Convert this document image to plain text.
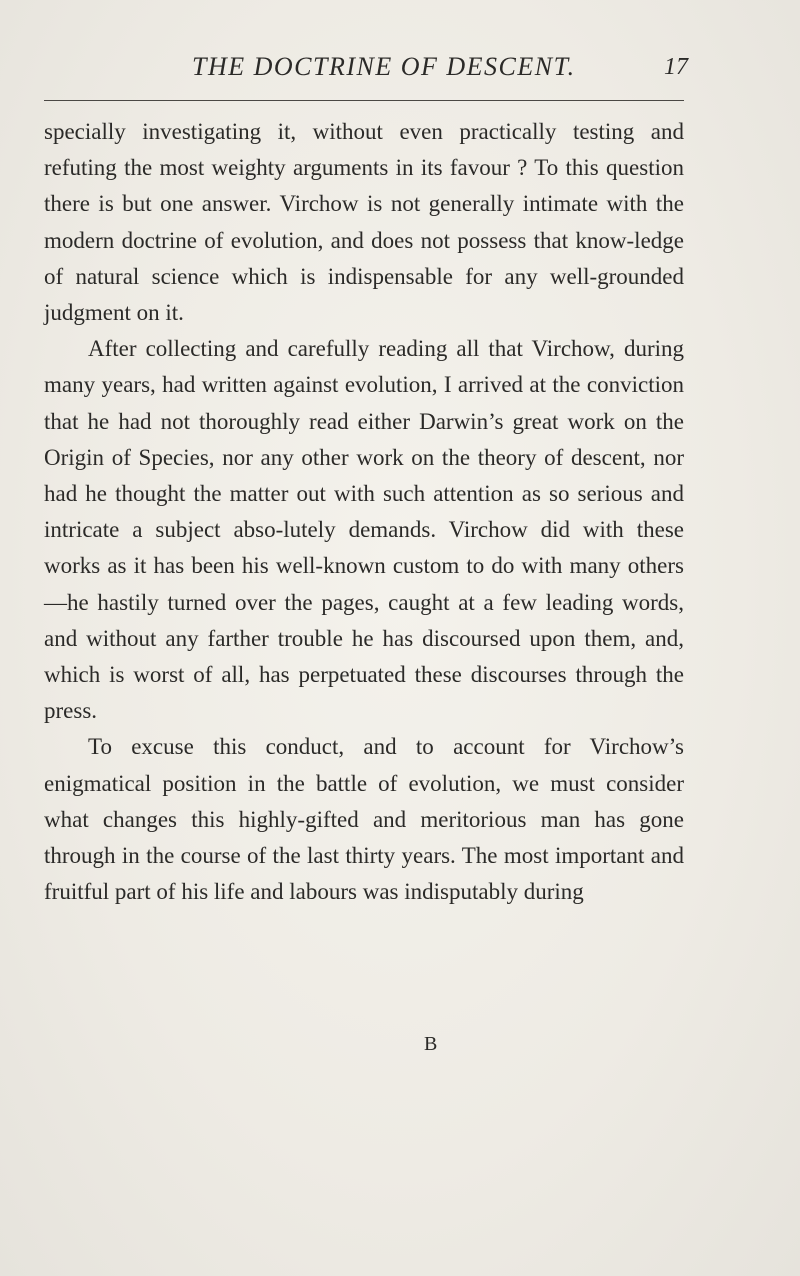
THE DOCTRINE OF DESCENT.	17

specially investigating it, without even practically testing and refuting the most weighty arguments in its favour ? To this question there is but one answer. Virchow is not generally intimate with the modern doctrine of evolution, and does not possess that know-ledge of natural science which is indispensable for any well-grounded judgment on it.

After collecting and carefully reading all that Virchow, during many years, had written against evolution, I arrived at the conviction that he had not thoroughly read either Darwin’s great work on the Origin of Species, nor any other work on the theory of descent, nor had he thought the matter out with such attention as so serious and intricate a subject abso-lutely demands. Virchow did with these works as it has been his well-known custom to do with many others—he hastily turned over the pages, caught at a few leading words, and without any farther trouble he has discoursed upon them, and, which is worst of all, has perpetuated these discourses through the press.

To excuse this conduct, and to account for Virchow’s enigmatical position in the battle of evolution, we must consider what changes this highly-gifted and meritorious man has gone through in the course of the last thirty years. The most important and fruitful part of his life and labours was indisputably during

B
